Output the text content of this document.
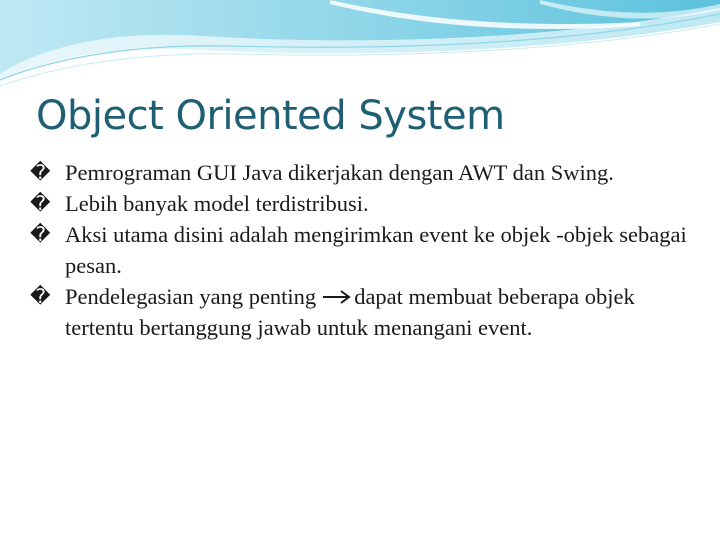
Object Oriented System
� Pemrograman GUI Java dikerjakan dengan AWT dan Swing.
� Lebih banyak model terdistribusi.
� Aksi utama disini adalah mengirimkan event ke objek -objek sebagai pesan.
� Pendelegasian yang penting dapat membuat beberapa objek tertentu bertanggung jawab untuk menangani event.
